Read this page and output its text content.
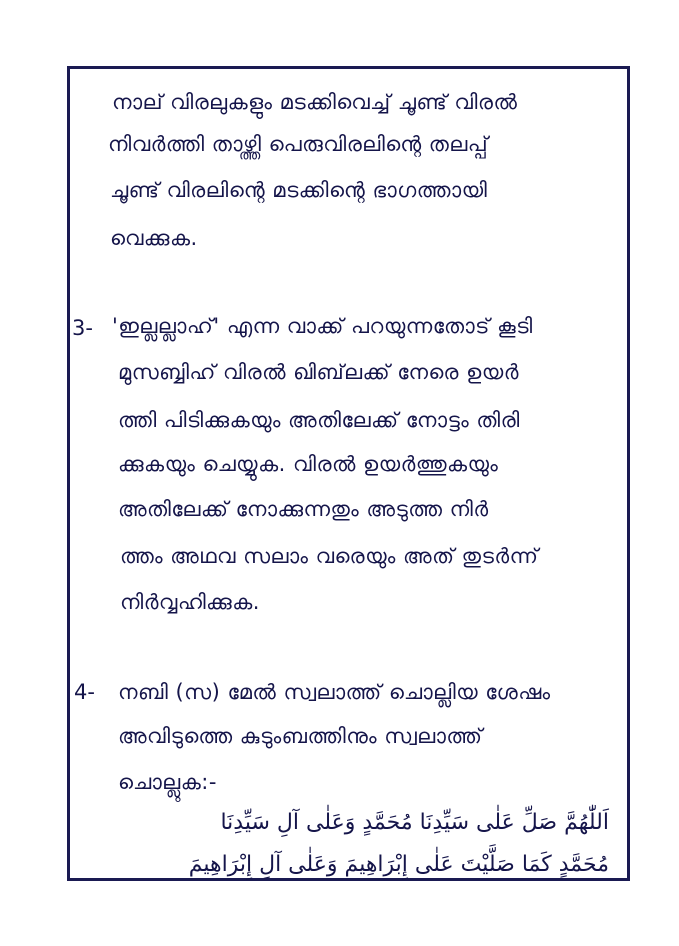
നാല് വിരലുകളും മടക്കിവെച്ച് ചൂണ്ട് വിരൽ
നിവർത്തി താഴ്ത്തി പെരുവിരലിന്റെ തലപ്പ്
ചൂണ്ട് വിരലിന്റെ മടക്കിന്റെ ഭാഗത്തായി
വെക്കുക.
3- 'ഇല്ലല്ലാഹ്' എന്ന വാക്ക് പറയുന്നതോട് കൂടി
മുസബ്ബിഹ് വിരൽ ഖിബ്‌ലക്ക് നേരെ ഉയർ
ത്തി പിടിക്കുകയും അതിലേക്ക് നോട്ടം തിരി
ക്കുകയും ചെയ്യുക. വിരൽ ഉയർത്തുകയും
അതിലേക്ക് നോക്കുന്നതും അടുത്ത നിർ
ത്തം അഥവ സലാം വരെയും അത് തുടർന്ന്
നിർവ്വഹിക്കുക.
4- നബി (സ) മേൽ സ്വലാത്ത് ചൊല്ലിയ ശേഷം
അവിടുത്തെ കുടുംബത്തിനും സ്വലാത്ത്
ചൊല്ലുക:-
اَللّٰهُمَّ صَلِّ عَلٰى سَيِّدِنَا مُحَمَّدٍ وَعَلٰى آلِ سَيِّدِنَا
مُحَمَّدٍ كَمَا صَلَّيْتَ عَلٰى إِبْرَاهِيمَ وَعَلٰى آلِ إِبْرَاهِيمَ
